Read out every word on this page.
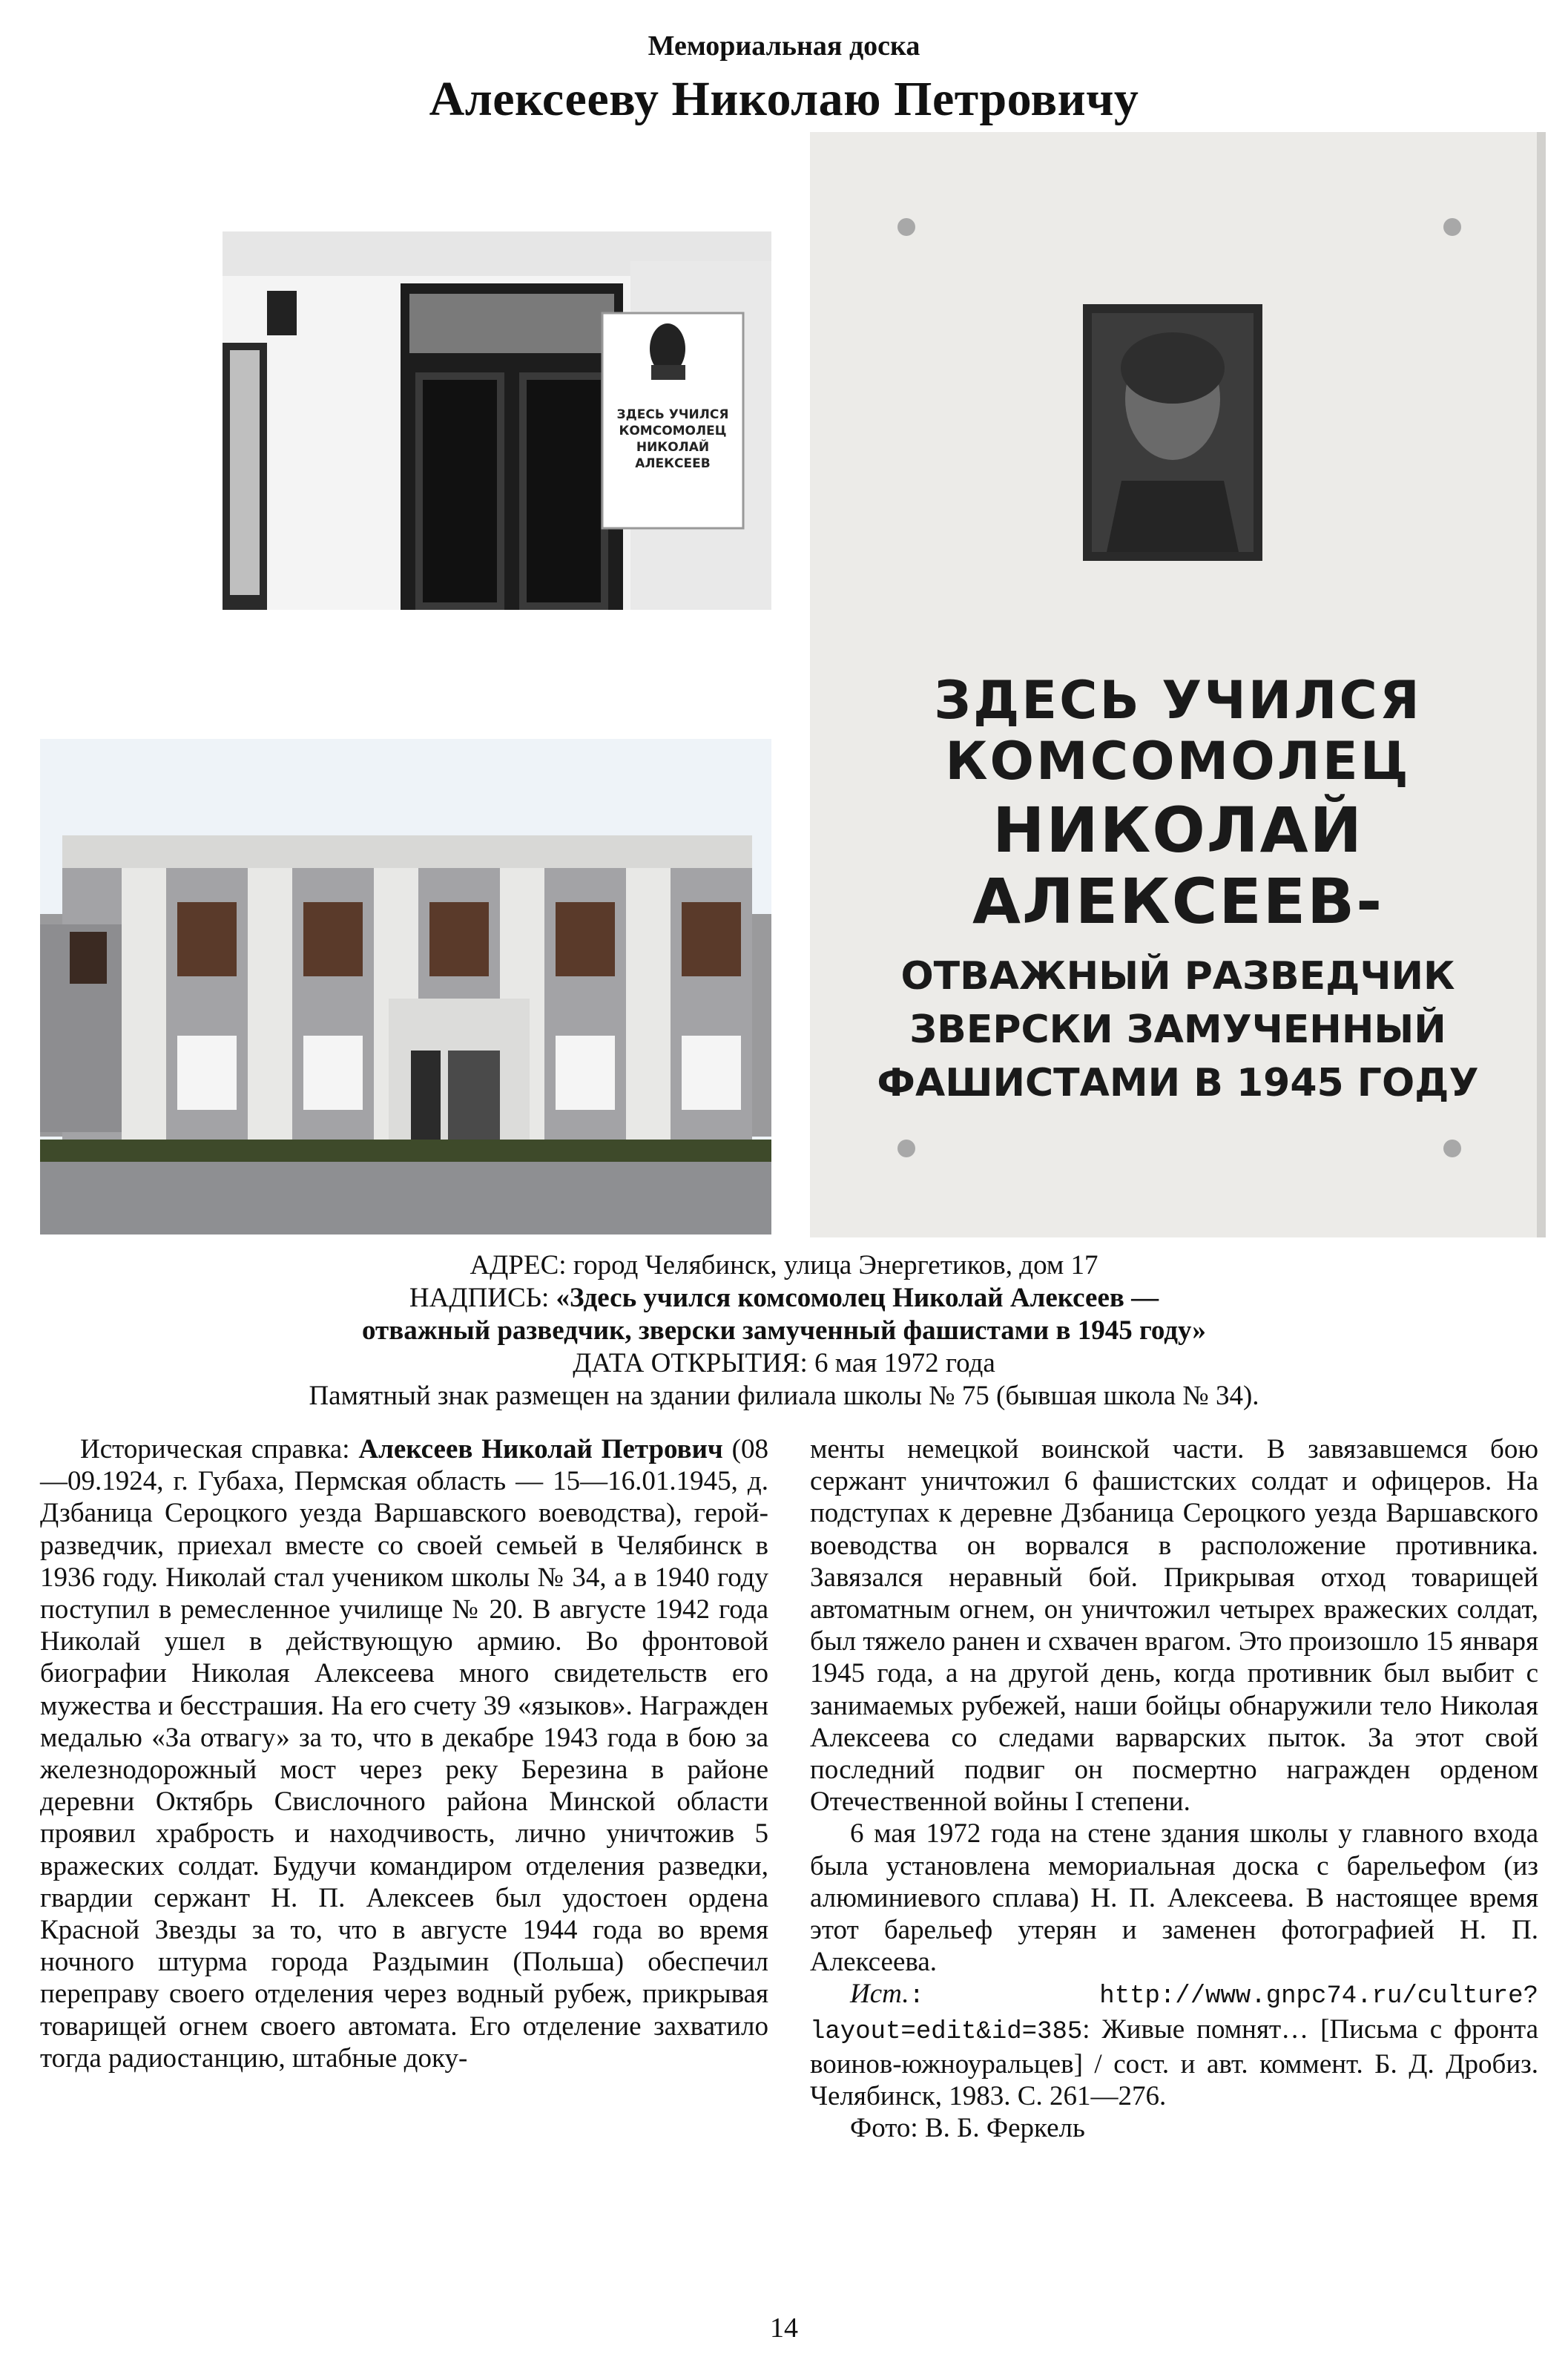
Мемориальная доска
Алексееву Николаю Петровичу
ЗДЕСЬ УЧИЛСЯ
КОМСОМОЛЕЦ
НИКОЛАЙ
АЛЕКСЕЕВ
ЗДЕСЬ УЧИЛСЯ
КОМСОМОЛЕЦ
НИКОЛАЙ
АЛЕКСЕЕВ-
ОТВАЖНЫЙ РАЗВЕДЧИК
ЗВЕРСКИ ЗАМУЧЕННЫЙ
ФАШИСТАМИ В 1945 ГОДУ
АДРЕС: город Челябинск, улица Энергетиков, дом 17
НАДПИСЬ: «Здесь учился комсомолец Николай Алексеев —
отважный разведчик, зверски замученный фашистами в 1945 году»
ДАТА ОТКРЫТИЯ: 6 мая 1972 года
Памятный знак размещен на здании филиала школы № 75 (бывшая школа № 34).

Историческая справка: Алексеев Николай Петрович (08—09.1924, г. Губаха, Пермская область — 15—16.01.1945, д. Дзбаница Сероцкого уезда Варшавского воеводства), герой-разведчик, приехал вместе со своей семьей в Челябинск в 1936 году. Николай стал учеником школы № 34, а в 1940 году поступил в ремесленное училище № 20. В августе 1942 года Николай ушел в действующую армию. Во фронтовой биографии Николая Алексеева много свидетельств его мужества и бесстрашия. На его счету 39 «языков». Награжден медалью «За отвагу» за то, что в декабре 1943 года в бою за железнодорожный мост через реку Березина в районе деревни Октябрь Свислочного района Минской области проявил храбрость и находчивость, лично уничтожив 5 вражеских солдат. Будучи командиром отделения разведки, гвардии сержант Н. П. Алексеев был удостоен ордена Красной Звезды за то, что в августе 1944 года во время ночного штурма города Раздымин (Польша) обеспечил переправу своего отделения через водный рубеж, прикрывая товарищей огнем своего автомата. Его отделение захватило тогда радиостанцию, штабные доку-

менты немецкой воинской части. В завязавшемся бою сержант уничтожил 6 фашистских солдат и офицеров. На подступах к деревне Дзбаница Сероцкого уезда Варшавского воеводства он ворвался в расположение противника. Завязался неравный бой. Прикрывая отход товарищей автоматным огнем, он уничтожил четырех вражеских солдат, был тяжело ранен и схвачен врагом. Это произошло 15 января 1945 года, а на другой день, когда противник был выбит с занимаемых рубежей, наши бойцы обнаружили тело Николая Алексеева со следами варварских пыток. За этот свой последний подвиг он посмертно награжден орденом Отечественной войны I степени.

6 мая 1972 года на стене здания школы у главного входа была установлена мемориальная доска с барельефом (из алюминиевого сплава) Н. П. Алексеева. В настоящее время этот барельеф утерян и заменен фотографией Н. П. Алексеева.

Ист.: http://www.gnpc74.ru/culture?layout=edit&id=385: Живые помнят… [Письма с фронта воинов-южноуральцев] / сост. и авт. коммент. Б. Д. Дробиз. Челябинск, 1983. С. 261—276.

Фото: В. Б. Феркель

14
